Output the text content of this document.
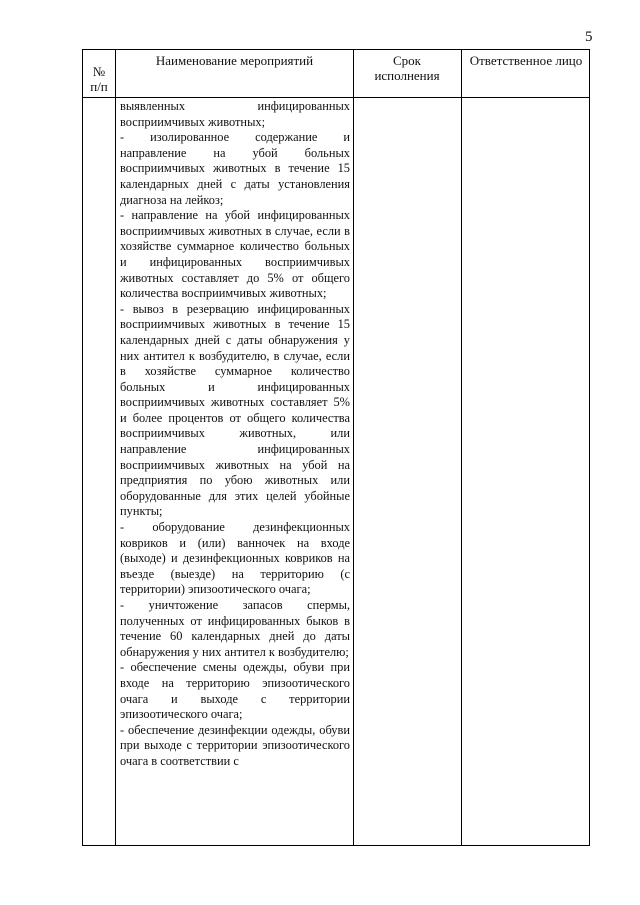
5
№
п/п
Наименование мероприятий	Срок
исполнения
Ответственное лицо
выявленных инфицированных восприимчивых животных;
- изолированное содержание и направление на убой больных восприимчивых животных в течение 15 календарных дней с даты установления диагноза на лейкоз;
- направление на убой инфицированных восприимчивых животных в случае, если в хозяйстве суммарное количество больных и инфицированных восприимчивых животных составляет до 5% от общего количества восприимчивых животных;
- вывоз в резервацию инфицированных восприимчивых животных в течение 15 календарных дней с даты обнаружения у них антител к возбудителю, в случае, если в хозяйстве суммарное количество больных и инфицированных восприимчивых животных составляет 5% и более процентов от общего количества восприимчивых животных, или направление инфицированных восприимчивых животных на убой на предприятия по убою животных или оборудованные для этих целей убойные пункты;
- оборудование дезинфекционных ковриков и (или) ванночек на входе (выходе) и дезинфекционных ковриков на въезде (выезде) на территорию (с территории) эпизоотического очага;
- уничтожение запасов спермы, полученных от инфицированных быков в течение 60 календарных дней до даты обнаружения у них антител к возбудителю;
- обеспечение смены одежды, обуви при входе на территорию эпизоотического очага и выходе с территории эпизоотического очага;
- обеспечение дезинфекции одежды, обуви при выходе с территории эпизоотического очага в соответствии с
